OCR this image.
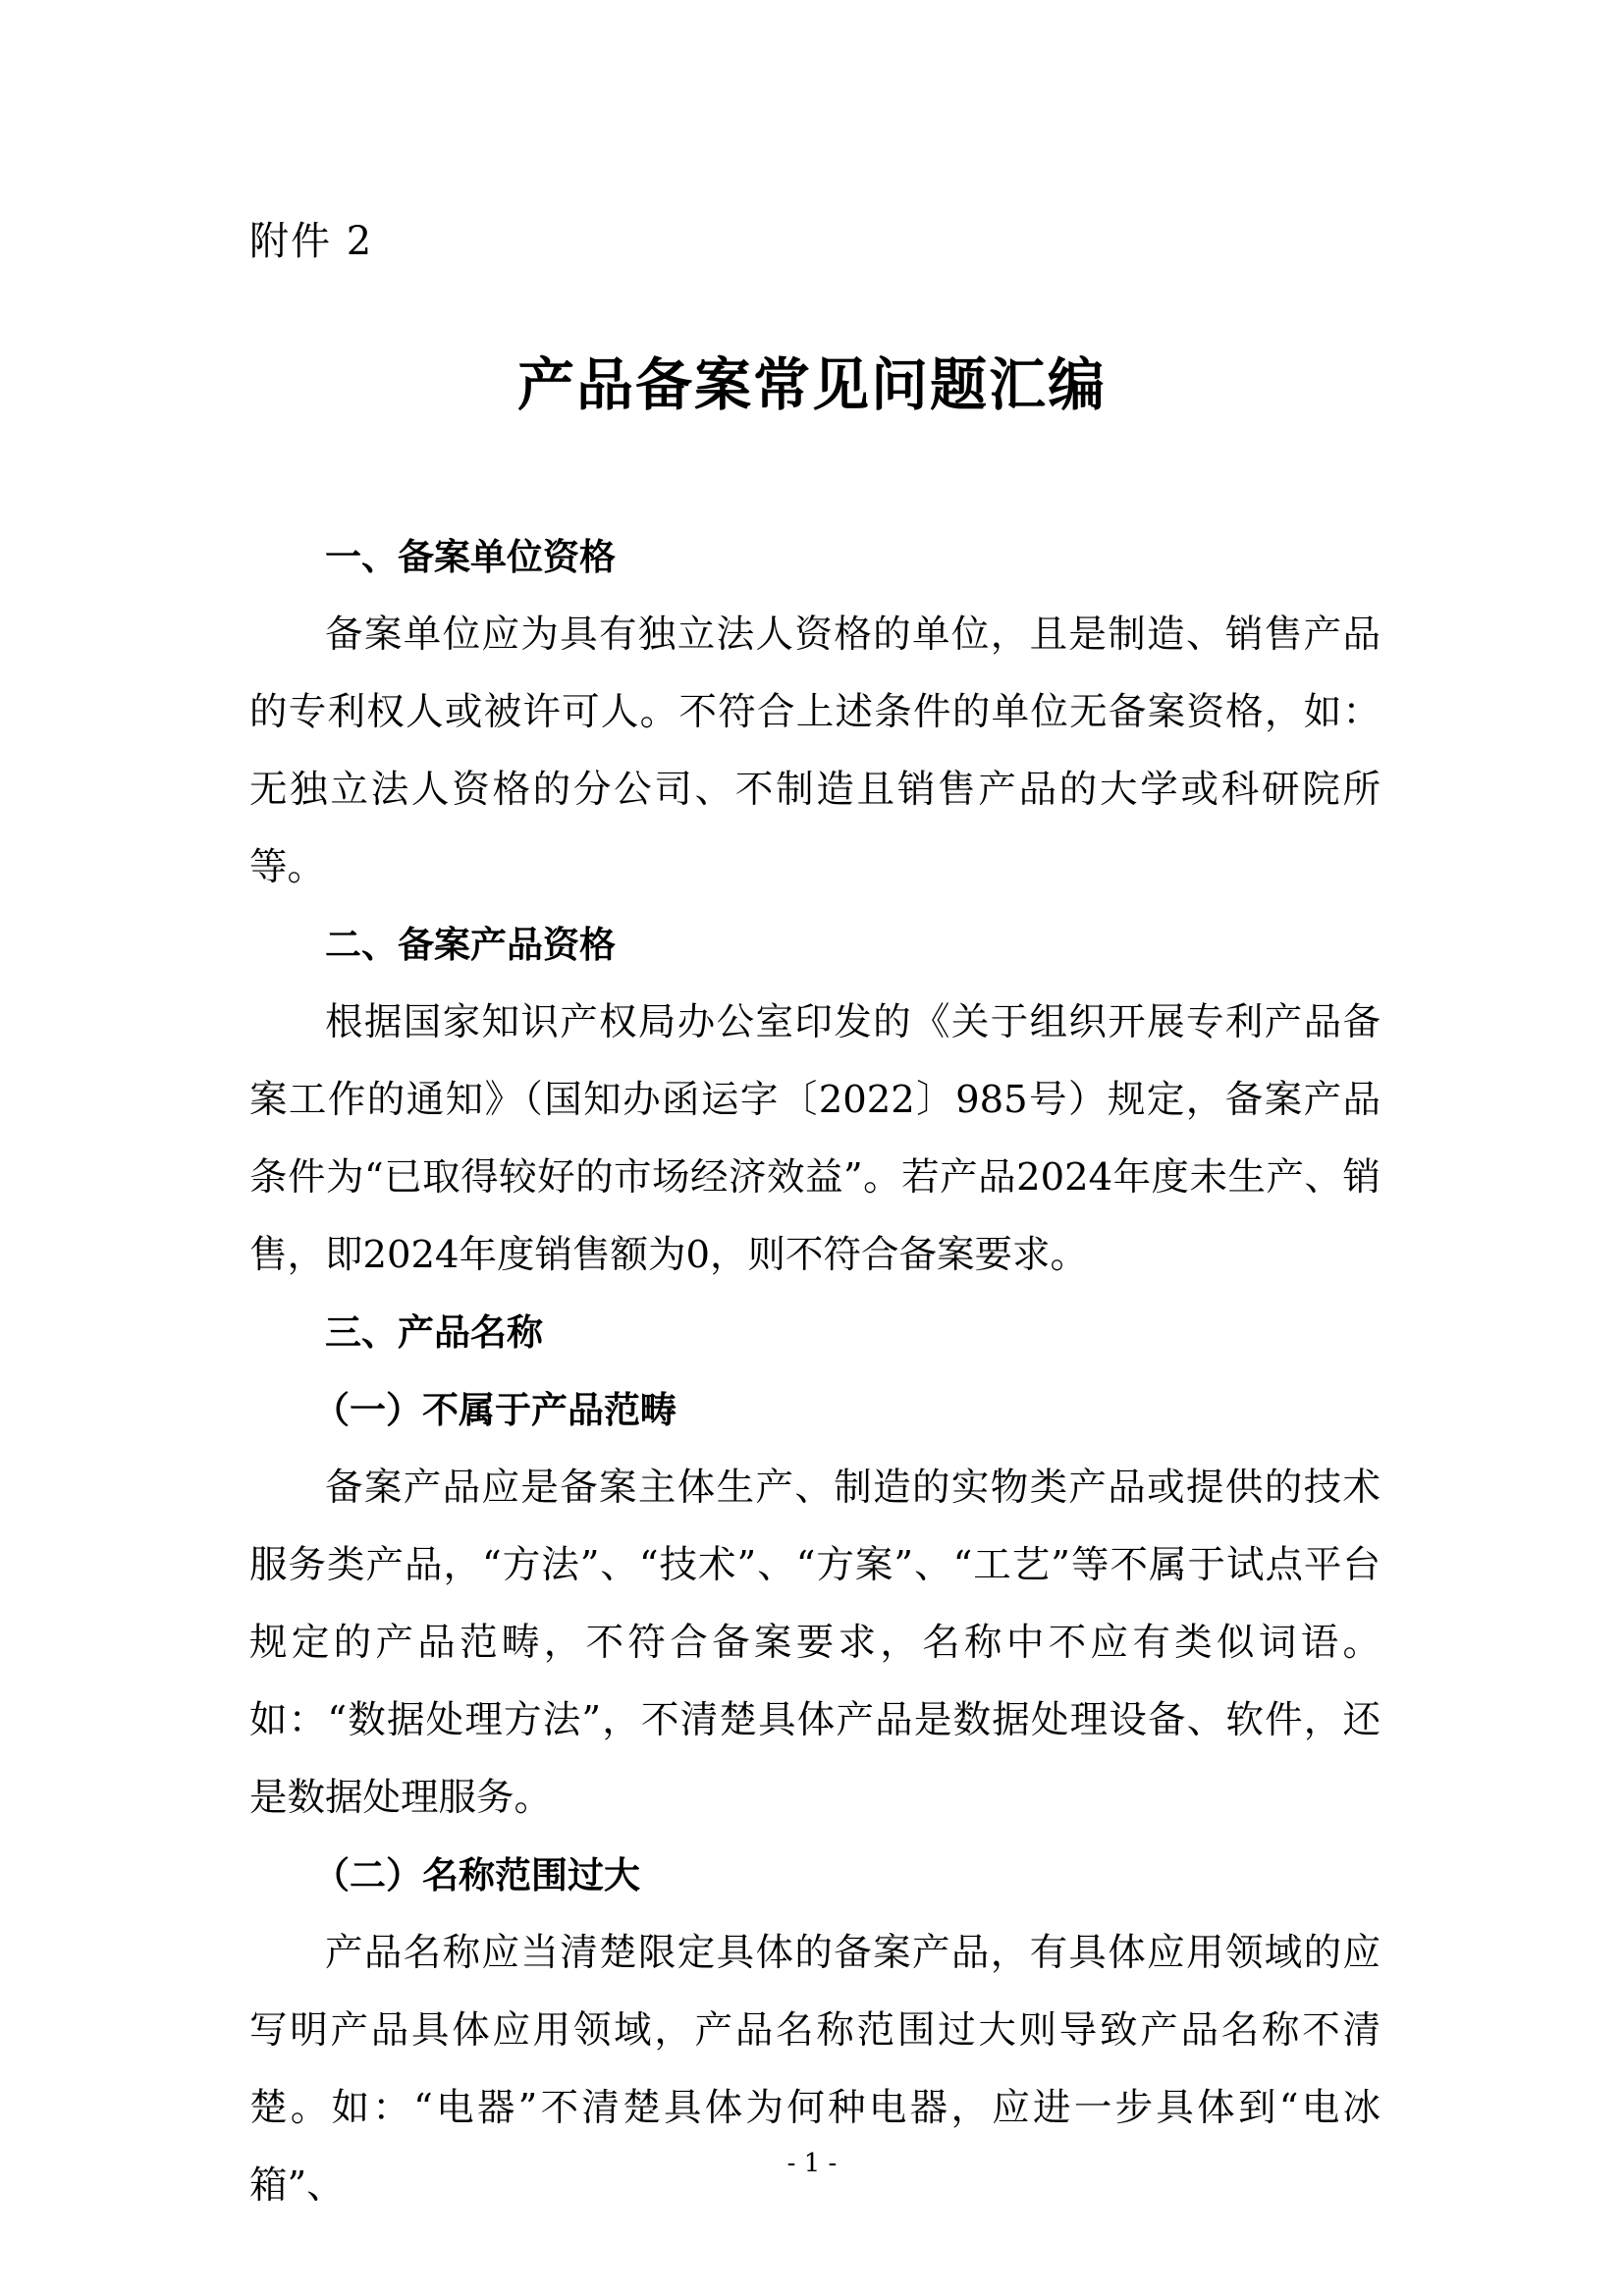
附件 2
产品备案常见问题汇编
一、备案单位资格
备案单位应为具有独立法人资格的单位，且是制造、销售产品的专利权人或被许可人。不符合上述条件的单位无备案资格，如：无独立法人资格的分公司、不制造且销售产品的大学或科研院所等。
二、备案产品资格
根据国家知识产权局办公室印发的《关于组织开展专利产品备案工作的通知》（国知办函运字〔2022〕985号）规定，备案产品条件为“已取得较好的市场经济效益”。若产品2024年度未生产、销售，即2024年度销售额为0，则不符合备案要求。
三、产品名称
（一）不属于产品范畴
备案产品应是备案主体生产、制造的实物类产品或提供的技术服务类产品，“方法”、“技术”、“方案”、“工艺”等不属于试点平台规定的产品范畴，不符合备案要求，名称中不应有类似词语。如：“数据处理方法”，不清楚具体产品是数据处理设备、软件，还是数据处理服务。
（二）名称范围过大
产品名称应当清楚限定具体的备案产品，有具体应用领域的应写明产品具体应用领域，产品名称范围过大则导致产品名称不清楚。如：“电器”不清楚具体为何种电器，应进一步具体到“电冰箱”、	- 1 -
